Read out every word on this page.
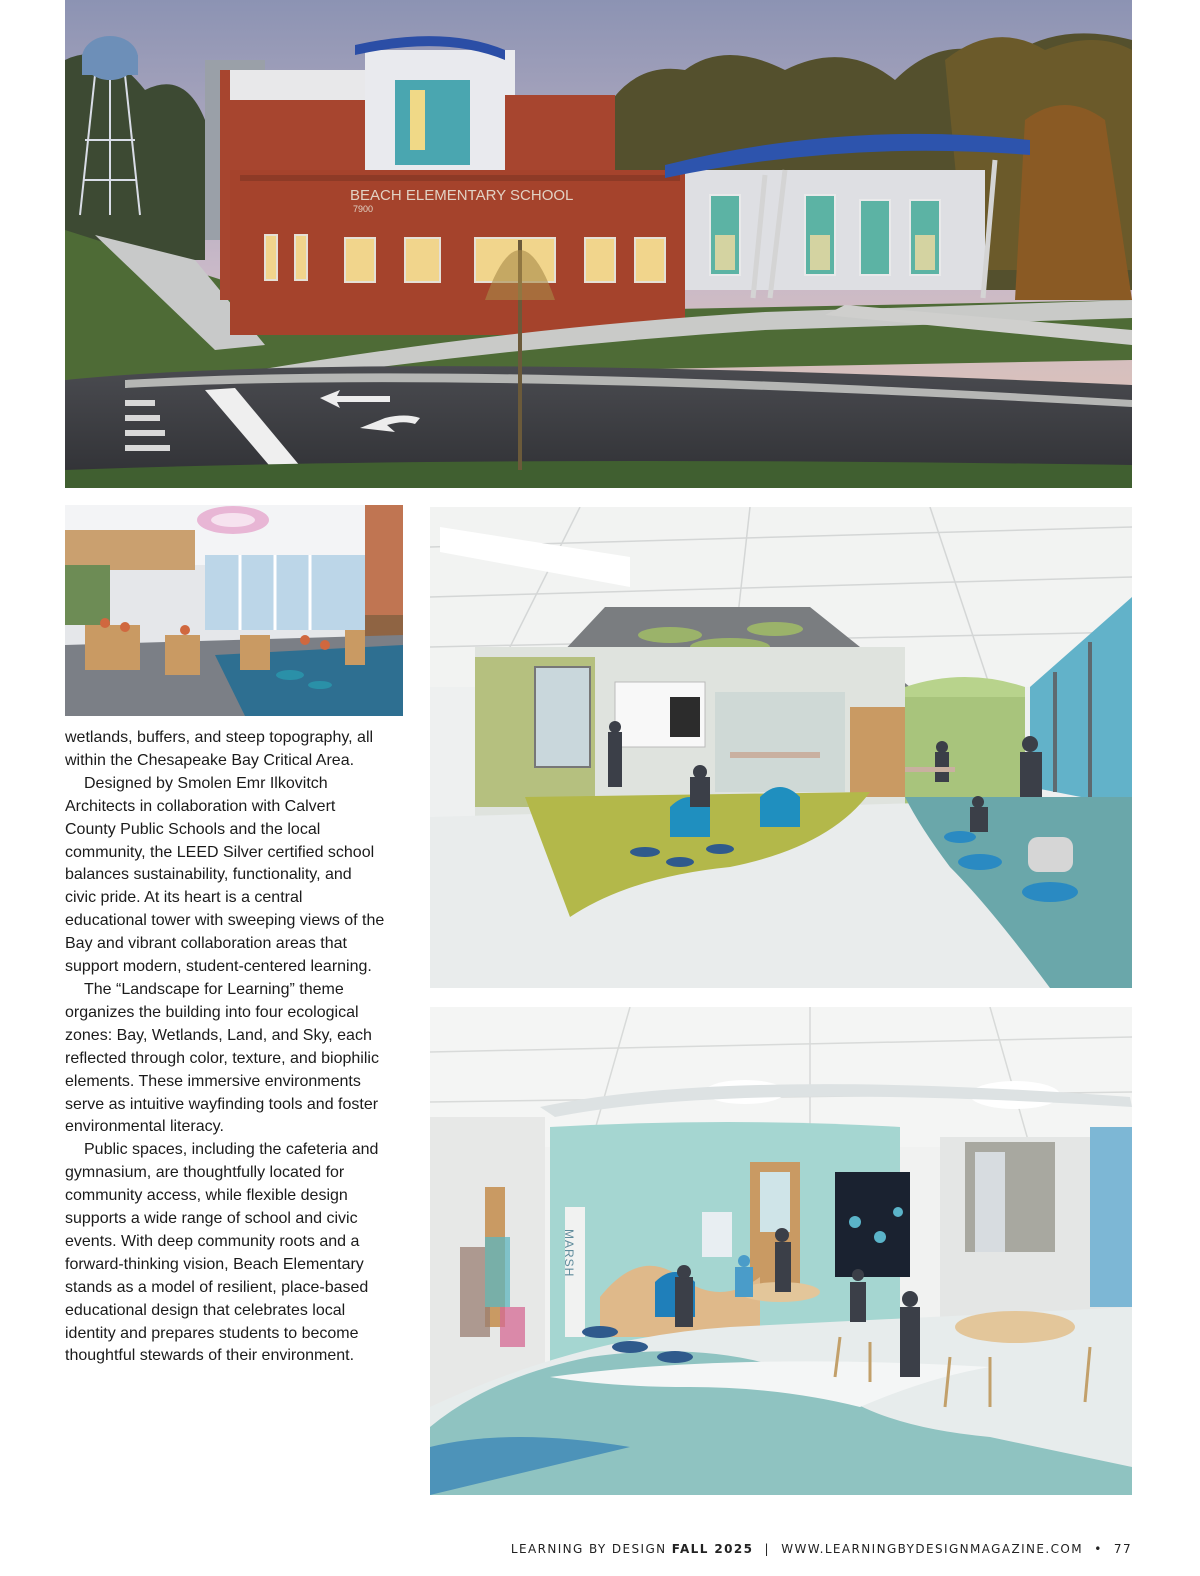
BEACH ELEMENTARY SCHOOL
7900
MARSH

wetlands, buffers, and steep topography, all within the Chesapeake Bay Critical Area.

Designed by Smolen Emr Ilkovitch Architects in collaboration with Calvert County Public Schools and the local community, the LEED Silver certified school balances sustainability, functionality, and civic pride. At its heart is a central educational tower with sweeping views of the Bay and vibrant collaboration areas that support modern, student-centered learning.

The “Landscape for Learning” theme organizes the building into four ecological zones: Bay, Wetlands, Land, and Sky, each reflected through color, texture, and biophilic elements. These immersive environments serve as intuitive wayfinding tools and foster environmental literacy.

Public spaces, including the cafeteria and gymnasium, are thoughtfully located for community access, while flexible design supports a wide range of school and civic events. With deep community roots and a forward-thinking vision, Beach Elementary stands as a model of resilient, place-based educational design that celebrates local identity and prepares students to become thoughtful stewards of their environment.

LEARNING BY DESIGN FALL 2025 | WWW.LEARNINGBYDESIGNMAGAZINE.COM • 77
